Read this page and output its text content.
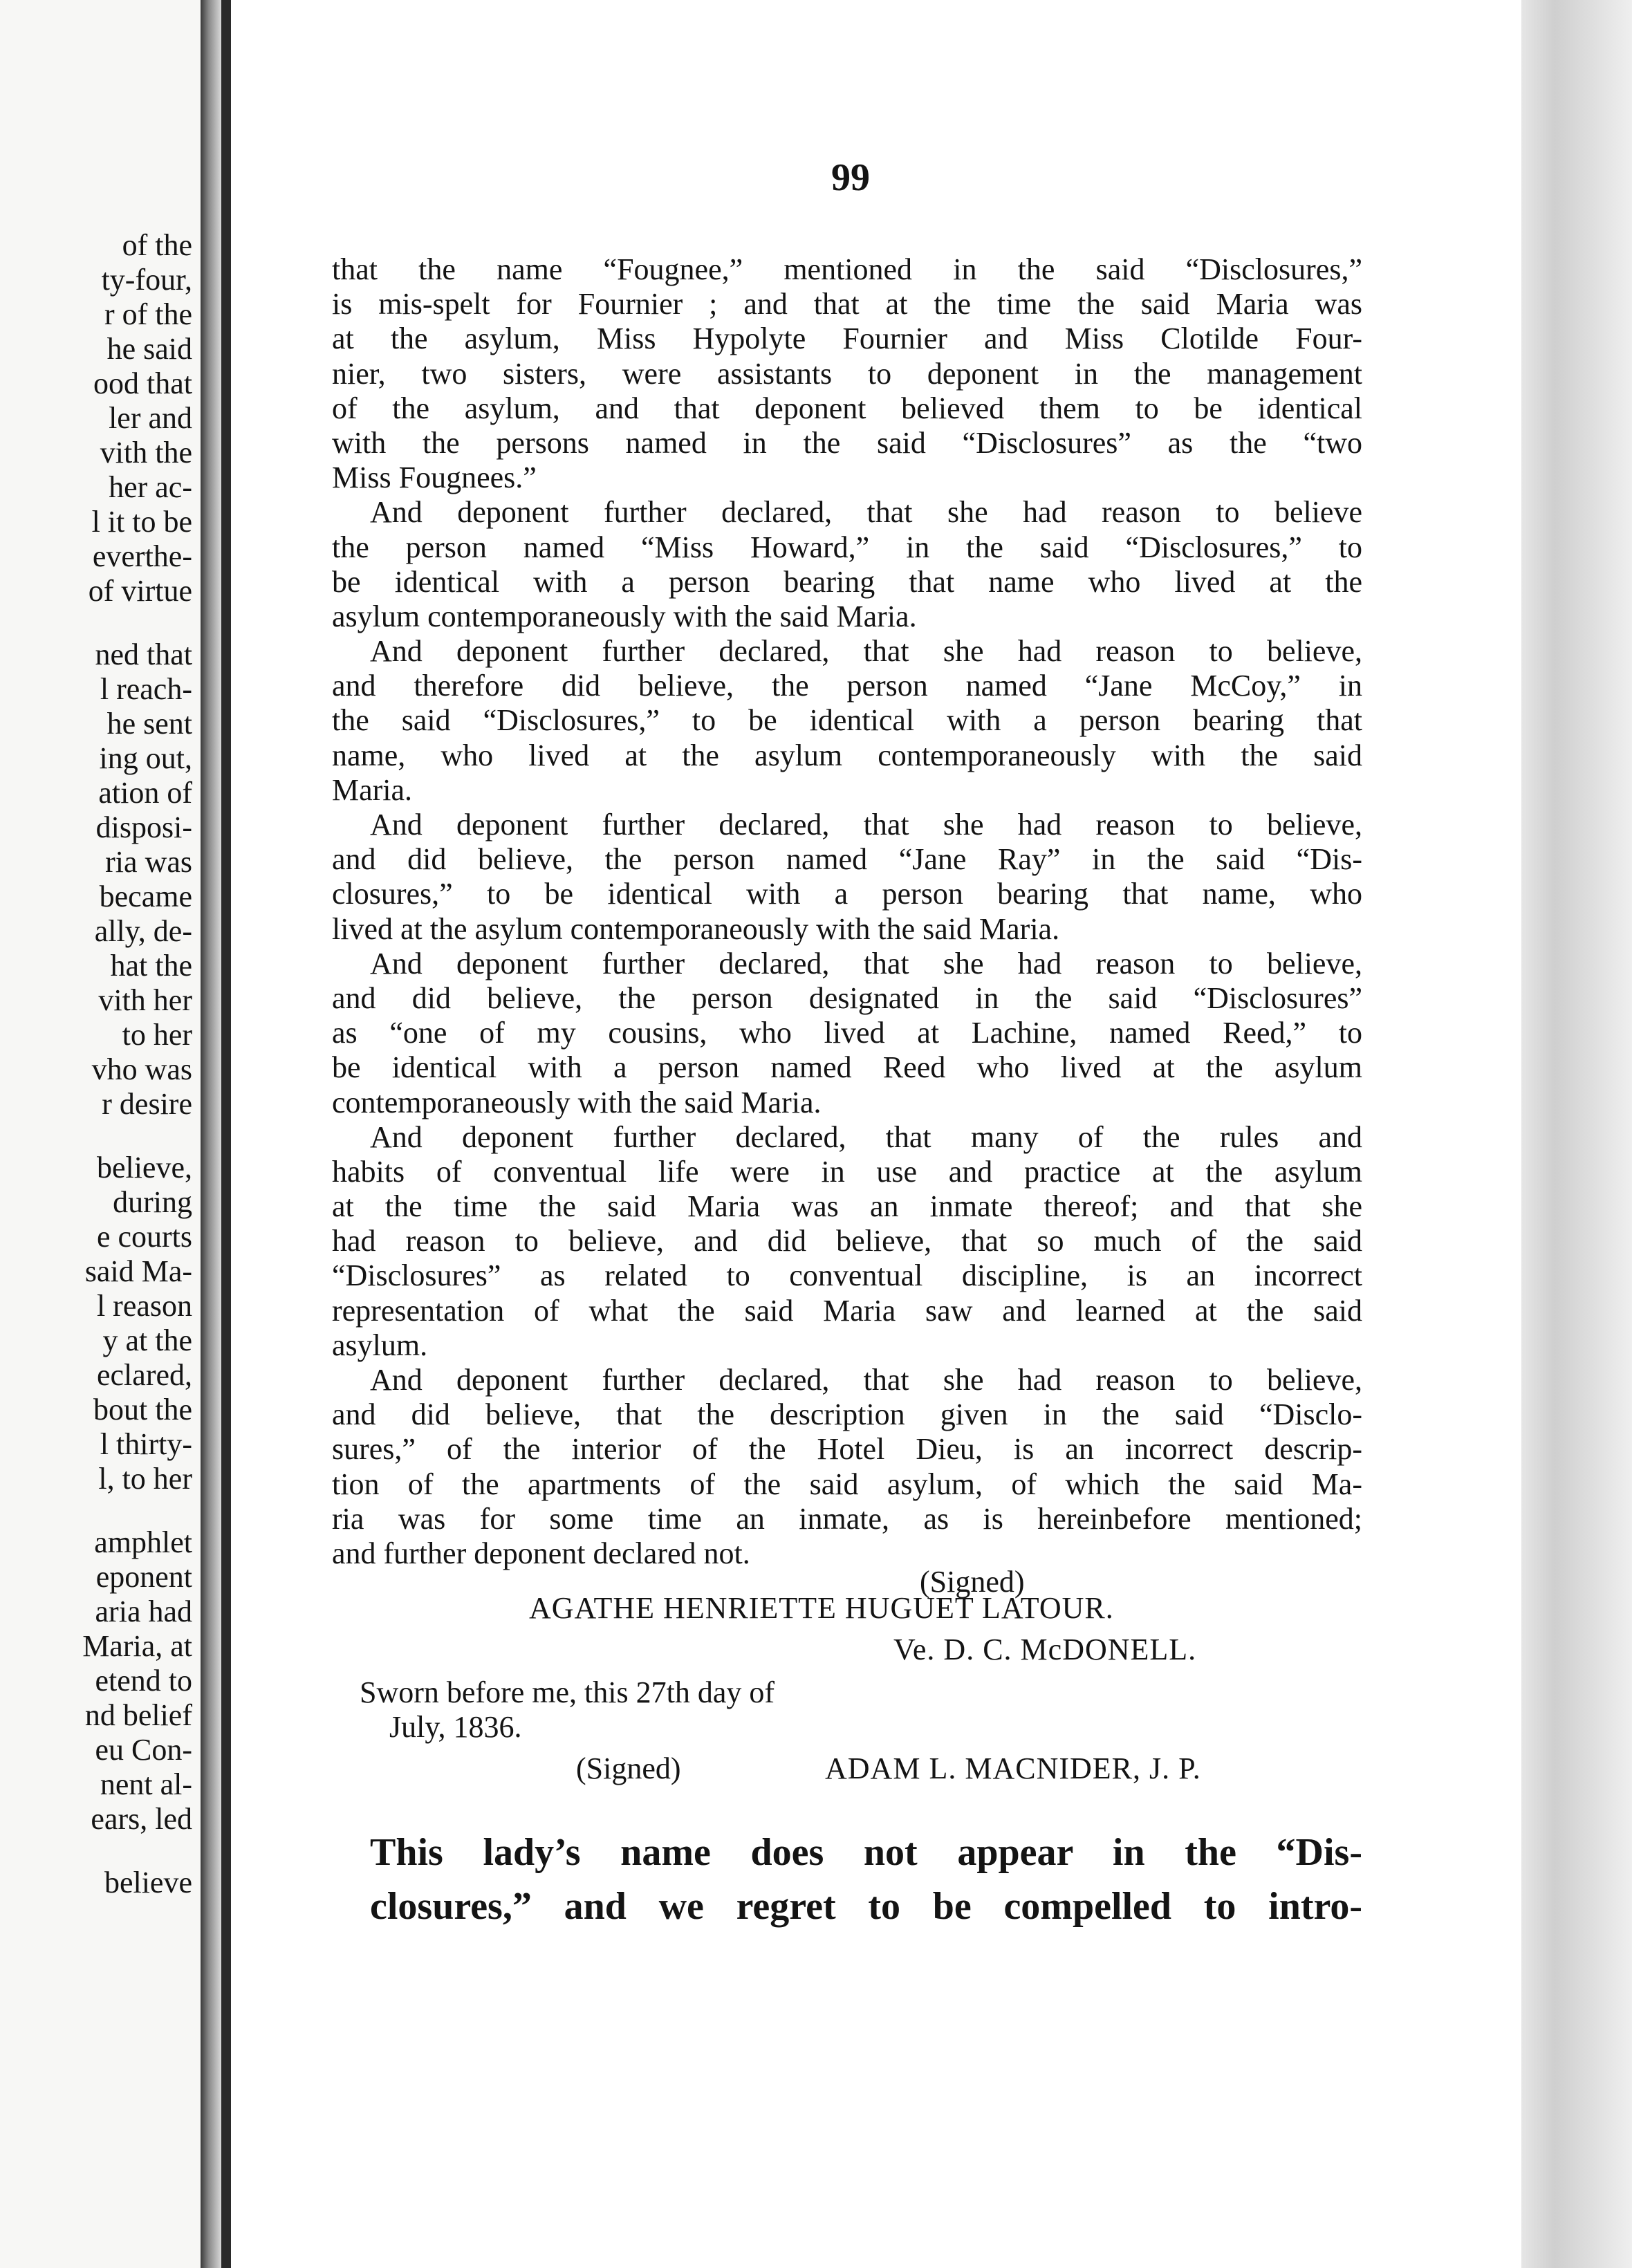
of the
ty-four,
r of the
he said
ood that
ler and
vith the
her ac-
l it to be
everthe-
of virtue
ned that
l reach-
he sent
ing out,
ation of
disposi-
ria was
became
ally, de-
hat the
vith her
to her
vho was
r desire
believe,
during
e courts
said Ma-
l reason
y at the
eclared,
bout the
l thirty-
l, to her
amphlet
eponent
aria had
Maria, at
etend to
nd belief
eu Con-
nent al-
ears, led
believe
99
that the name “Fougnee,” mentioned in the said “Disclosures,”
is mis-spelt for Fournier ; and that at the time the said Maria was
at the asylum, Miss Hypolyte Fournier and Miss Clotilde Four-
nier, two sisters, were assistants to deponent in the management
of the asylum, and that deponent believed them to be identical
with the persons named in the said “Disclosures” as the “two
Miss Fougnees.”
And deponent further declared, that she had reason to believe
the person named “Miss Howard,” in the said “Disclosures,” to
be identical with a person bearing that name who lived at the
asylum contemporaneously with the said Maria.
And deponent further declared, that she had reason to believe,
and therefore did believe, the person named “Jane McCoy,” in
the said “Disclosures,” to be identical with a person bearing that
name, who lived at the asylum contemporaneously with the said
Maria.
And deponent further declared, that she had reason to believe,
and did believe, the person named “Jane Ray” in the said “Dis-
closures,” to be identical with a person bearing that name, who
lived at the asylum contemporaneously with the said Maria.
And deponent further declared, that she had reason to believe,
and did believe, the person designated in the said “Disclosures”
as “one of my cousins, who lived at Lachine, named Reed,” to
be identical with a person named Reed who lived at the asylum
contemporaneously with the said Maria.
And deponent further declared, that many of the rules and
habits of conventual life were in use and practice at the asylum
at the time the said Maria was an inmate thereof; and that she
had reason to believe, and did believe, that so much of the said
“Disclosures” as related to conventual discipline, is an incorrect
representation of what the said Maria saw and learned at the said
asylum.
And deponent further declared, that she had reason to believe,
and did believe, that the description given in the said “Disclo-
sures,” of the interior of the Hotel Dieu, is an incorrect descrip-
tion of the apartments of the said asylum, of which the said Ma-
ria was for some time an inmate, as is hereinbefore mentioned;
and further deponent declared not.
(Signed)
AGATHE HENRIETTE HUGUET LATOUR.
Ve. D. C. McDONELL.
Sworn before me, this 27th day of
July, 1836.
(Signed)	ADAM L. MACNIDER, J. P.
This lady’s name does not appear in the “Dis-
closures,” and we regret to be compelled to intro-
